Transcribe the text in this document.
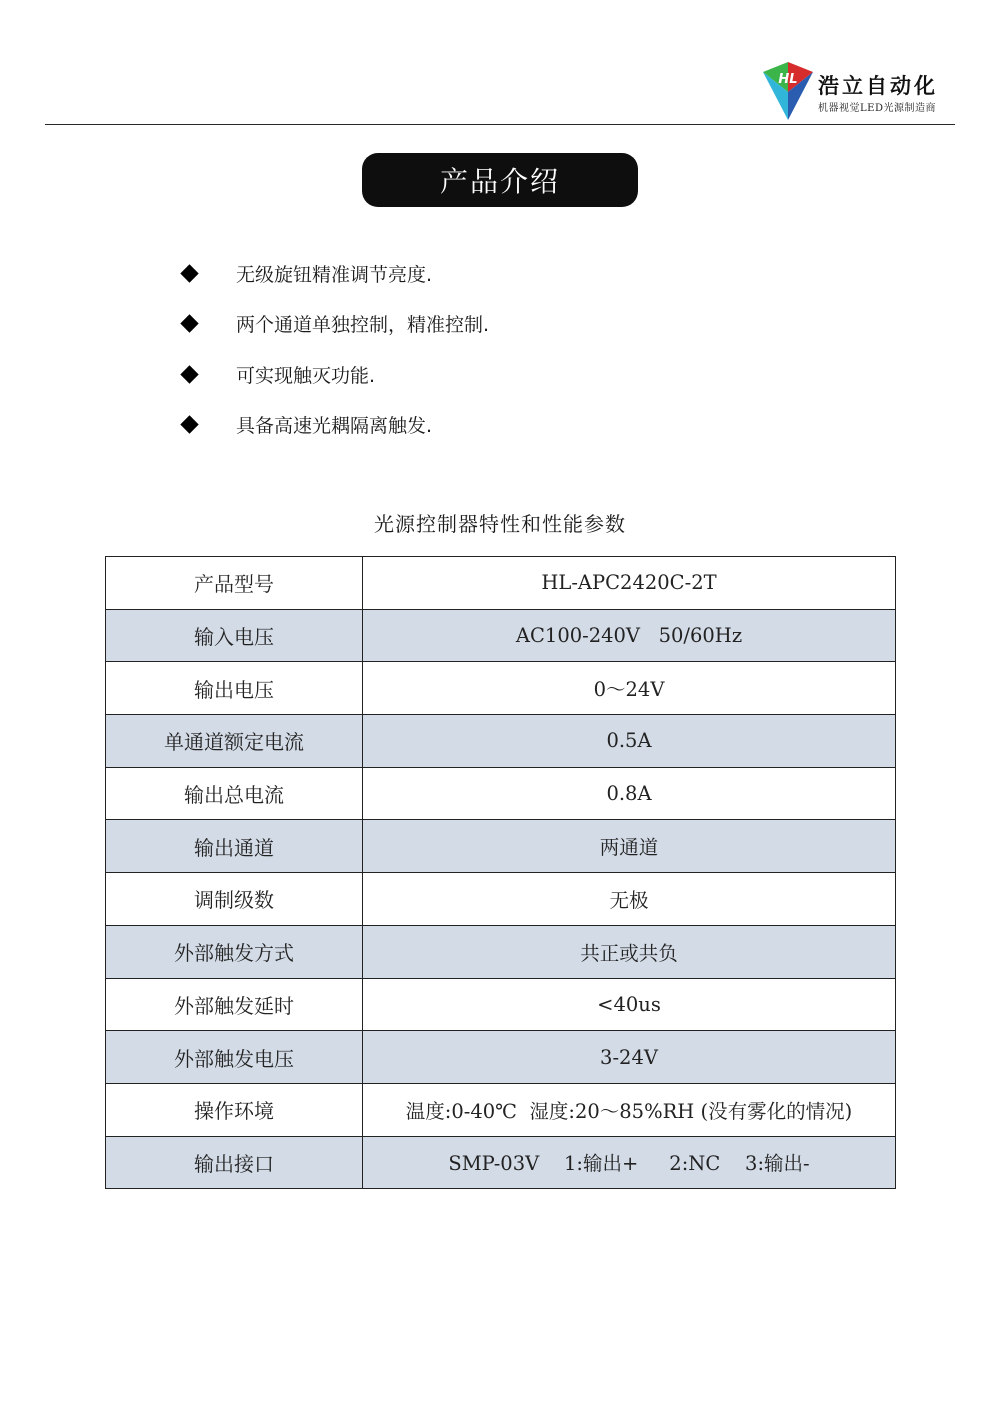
HL 浩立自动化
机器视觉LED光源制造商
产品介绍
无级旋钮精准调节亮度.
两个通道单独控制，精准控制.
可实现触灭功能.
具备高速光耦隔离触发.
光源控制器特性和性能参数
产品型号	HL-APC2420C-2T
输入电压	AC100-240V   50/60Hz
输出电压	0～24V
单通道额定电流	0.5A
输出总电流	0.8A
输出通道	两通道
调制级数	无极
外部触发方式	共正或共负
外部触发延时	<40us
外部触发电压	3-24V
操作环境	温度:0-40℃  湿度:20～85%RH (没有雾化的情况)
输出接口	SMP-03V    1:输出+     2:NC    3:输出-
